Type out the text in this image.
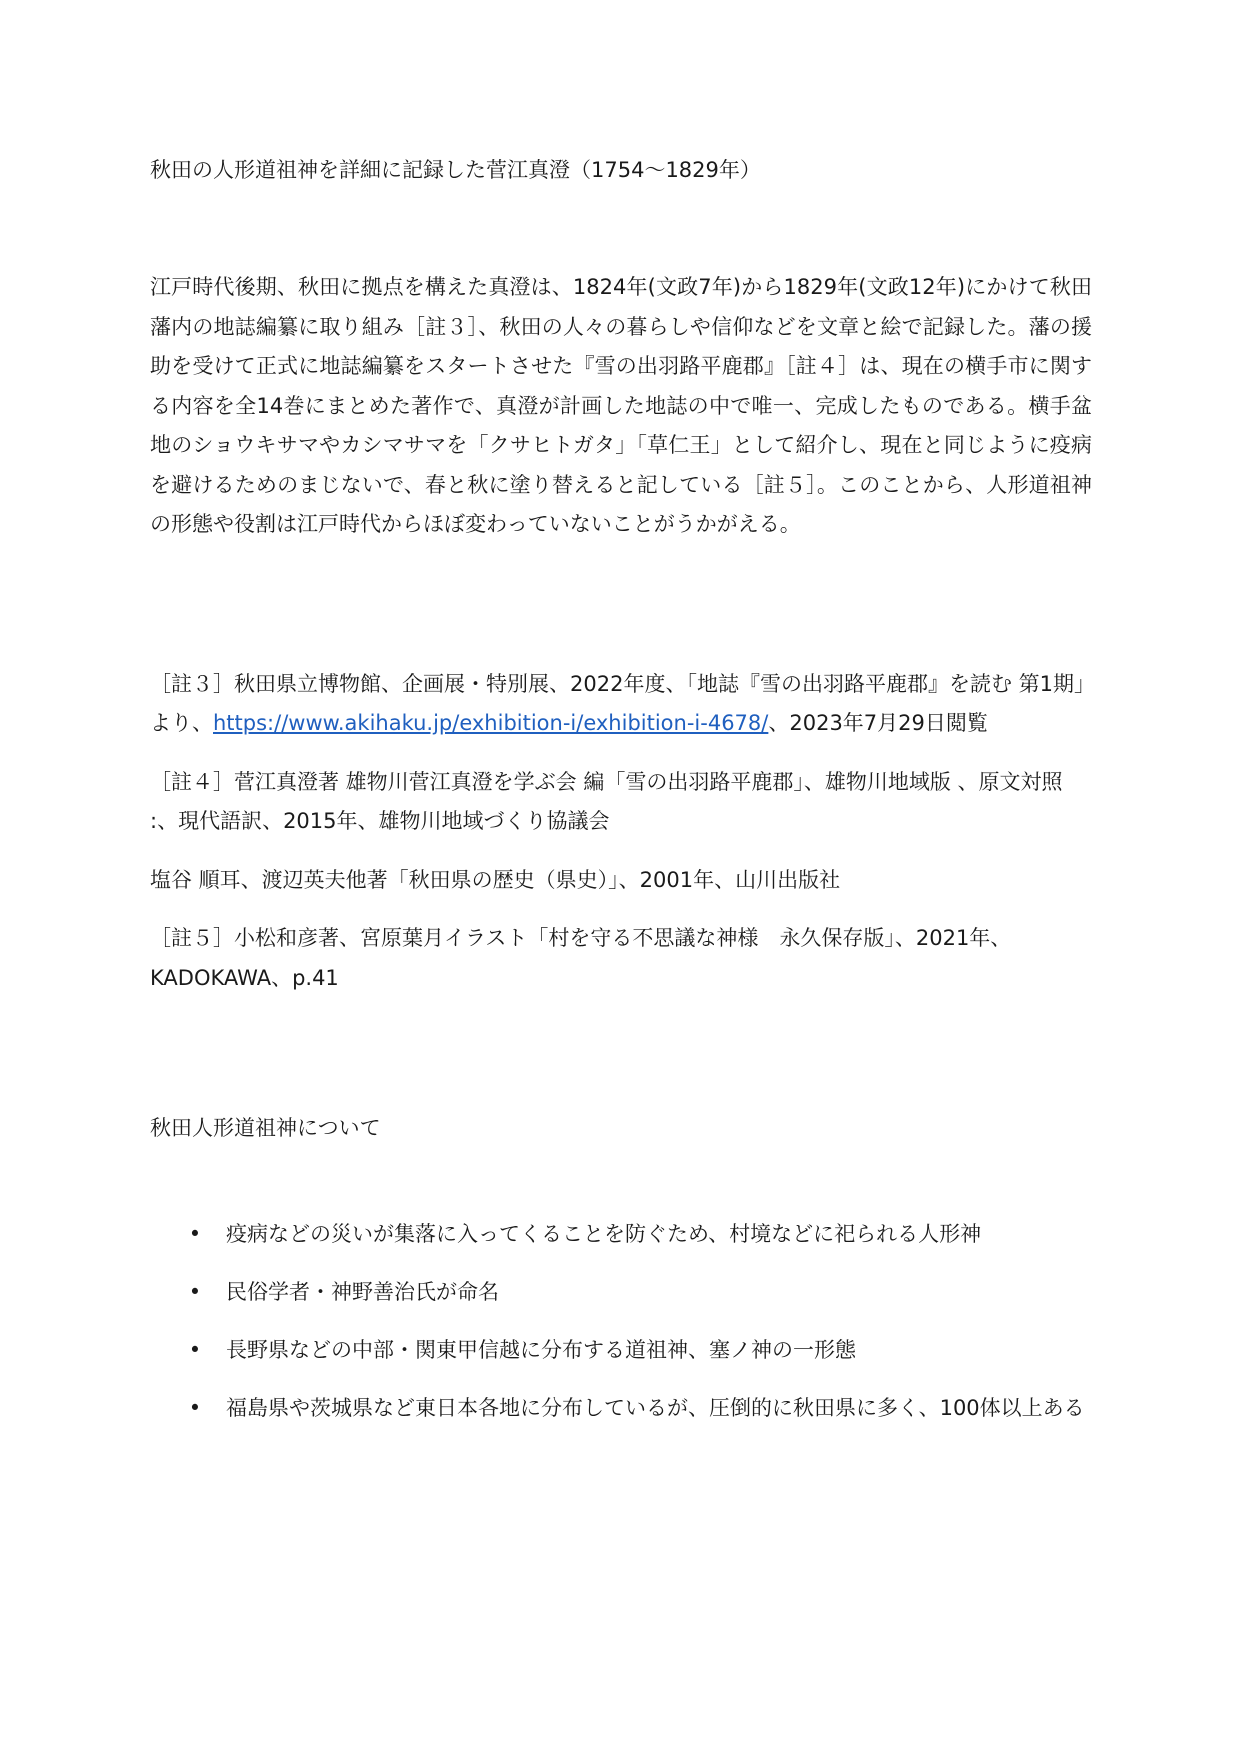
秋田の人形道祖神を詳細に記録した菅江真澄（1754～1829年）

江戸時代後期、秋田に拠点を構えた真澄は、1824年(文政7年)から1829年(文政12年)にかけて秋田藩内の地誌編纂に取り組み［註３］、秋田の人々の暮らしや信仰などを文章と絵で記録した。藩の援助を受けて正式に地誌編纂をスタートさせた『雪の出羽路平鹿郡』［註４］は、現在の横手市に関する内容を全14巻にまとめた著作で、真澄が計画した地誌の中で唯一、完成したものである。横手盆地のショウキサマやカシマサマを「クサヒトガタ」「草仁王」として紹介し、現在と同じように疫病を避けるためのまじないで、春と秋に塗り替えると記している［註５］。このことから、人形道祖神の形態や役割は江戸時代からほぼ変わっていないことがうかがえる。

［註３］秋田県立博物館、企画展・特別展、2022年度、「地誌『雪の出羽路平鹿郡』を読む 第1期」より、https://www.akihaku.jp/exhibition-i/exhibition-i-4678/、2023年7月29日閲覧

［註４］菅江真澄著 雄物川菅江真澄を学ぶ会 編「雪の出羽路平鹿郡」、雄物川地域版 、原文対照 :、現代語訳、2015年、雄物川地域づくり協議会

塩谷 順耳、渡辺英夫他著「秋田県の歴史（県史）」、2001年、山川出版社

［註５］小松和彦著、宮原葉月イラスト「村を守る不思議な神様　永久保存版」、2021年、KADOKAWA、p.41

秋田人形道祖神について

• 疫病などの災いが集落に入ってくることを防ぐため、村境などに祀られる人形神
• 民俗学者・神野善治氏が命名
• 長野県などの中部・関東甲信越に分布する道祖神、塞ノ神の一形態
• 福島県や茨城県など東日本各地に分布しているが、圧倒的に秋田県に多く、100体以上ある
